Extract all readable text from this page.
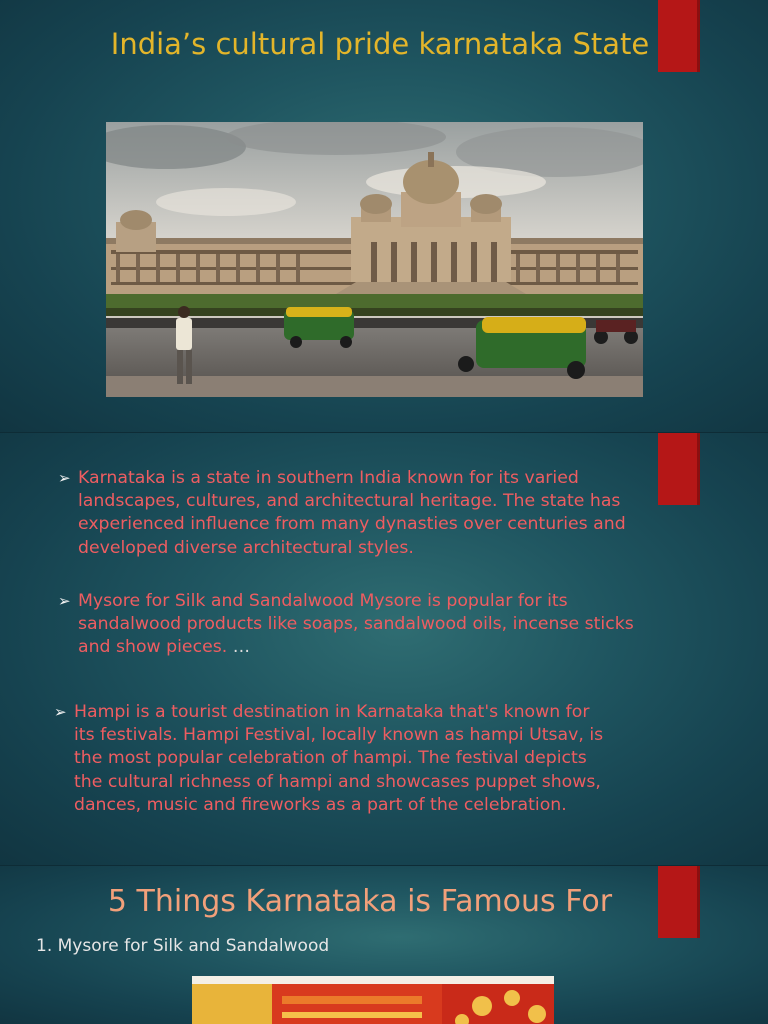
India’s cultural pride karnataka State
➢ Karnataka is a state in southern India known for its varied landscapes, cultures, and architectural heritage. The state has experienced influence from many dynasties over centuries and developed diverse architectural styles.
➢ Mysore for Silk and Sandalwood Mysore is popular for its sandalwood products like soaps, sandalwood oils, incense sticks and show pieces. …
➢ Hampi is a tourist destination in Karnataka that's known for its festivals. Hampi Festival, locally known as hampi Utsav, is the most popular celebration of hampi. The festival depicts the cultural richness of hampi and showcases puppet shows, dances, music and fireworks as a part of the celebration.
5 Things Karnataka is Famous For
1. Mysore for Silk and Sandalwood
